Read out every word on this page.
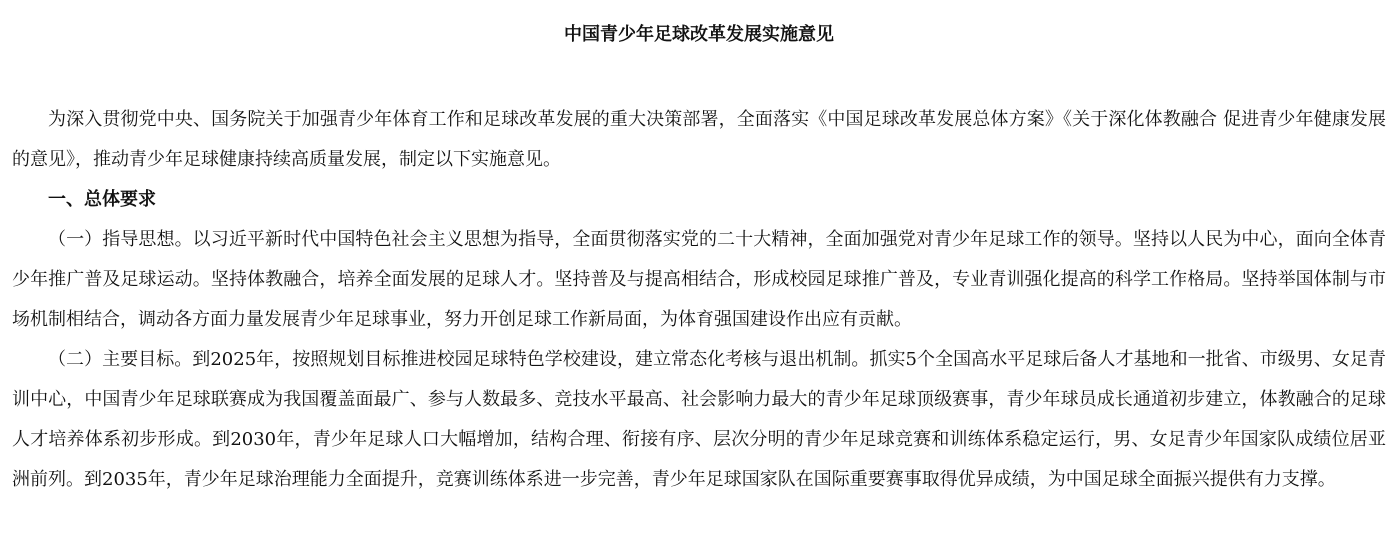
中国青少年足球改革发展实施意见

为深入贯彻党中央、国务院关于加强青少年体育工作和足球改革发展的重大决策部署，全面落实《中国足球改革发展总体方案》《关于深化体教融合 促进青少年健康发展的意见》，推动青少年足球健康持续高质量发展，制定以下实施意见。

一、总体要求

（一）指导思想。以习近平新时代中国特色社会主义思想为指导，全面贯彻落实党的二十大精神，全面加强党对青少年足球工作的领导。坚持以人民为中心，面向全体青少年推广普及足球运动。坚持体教融合，培养全面发展的足球人才。坚持普及与提高相结合，形成校园足球推广普及，专业青训强化提高的科学工作格局。坚持举国体制与市场机制相结合，调动各方面力量发展青少年足球事业，努力开创足球工作新局面，为体育强国建设作出应有贡献。

（二）主要目标。到2025年，按照规划目标推进校园足球特色学校建设，建立常态化考核与退出机制。抓实5个全国高水平足球后备人才基地和一批省、市级男、女足青训中心，中国青少年足球联赛成为我国覆盖面最广、参与人数最多、竞技水平最高、社会影响力最大的青少年足球顶级赛事，青少年球员成长通道初步建立，体教融合的足球人才培养体系初步形成。到2030年，青少年足球人口大幅增加，结构合理、衔接有序、层次分明的青少年足球竞赛和训练体系稳定运行，男、女足青少年国家队成绩位居亚洲前列。到2035年，青少年足球治理能力全面提升，竞赛训练体系进一步完善，青少年足球国家队在国际重要赛事取得优异成绩，为中国足球全面振兴提供有力支撑。
